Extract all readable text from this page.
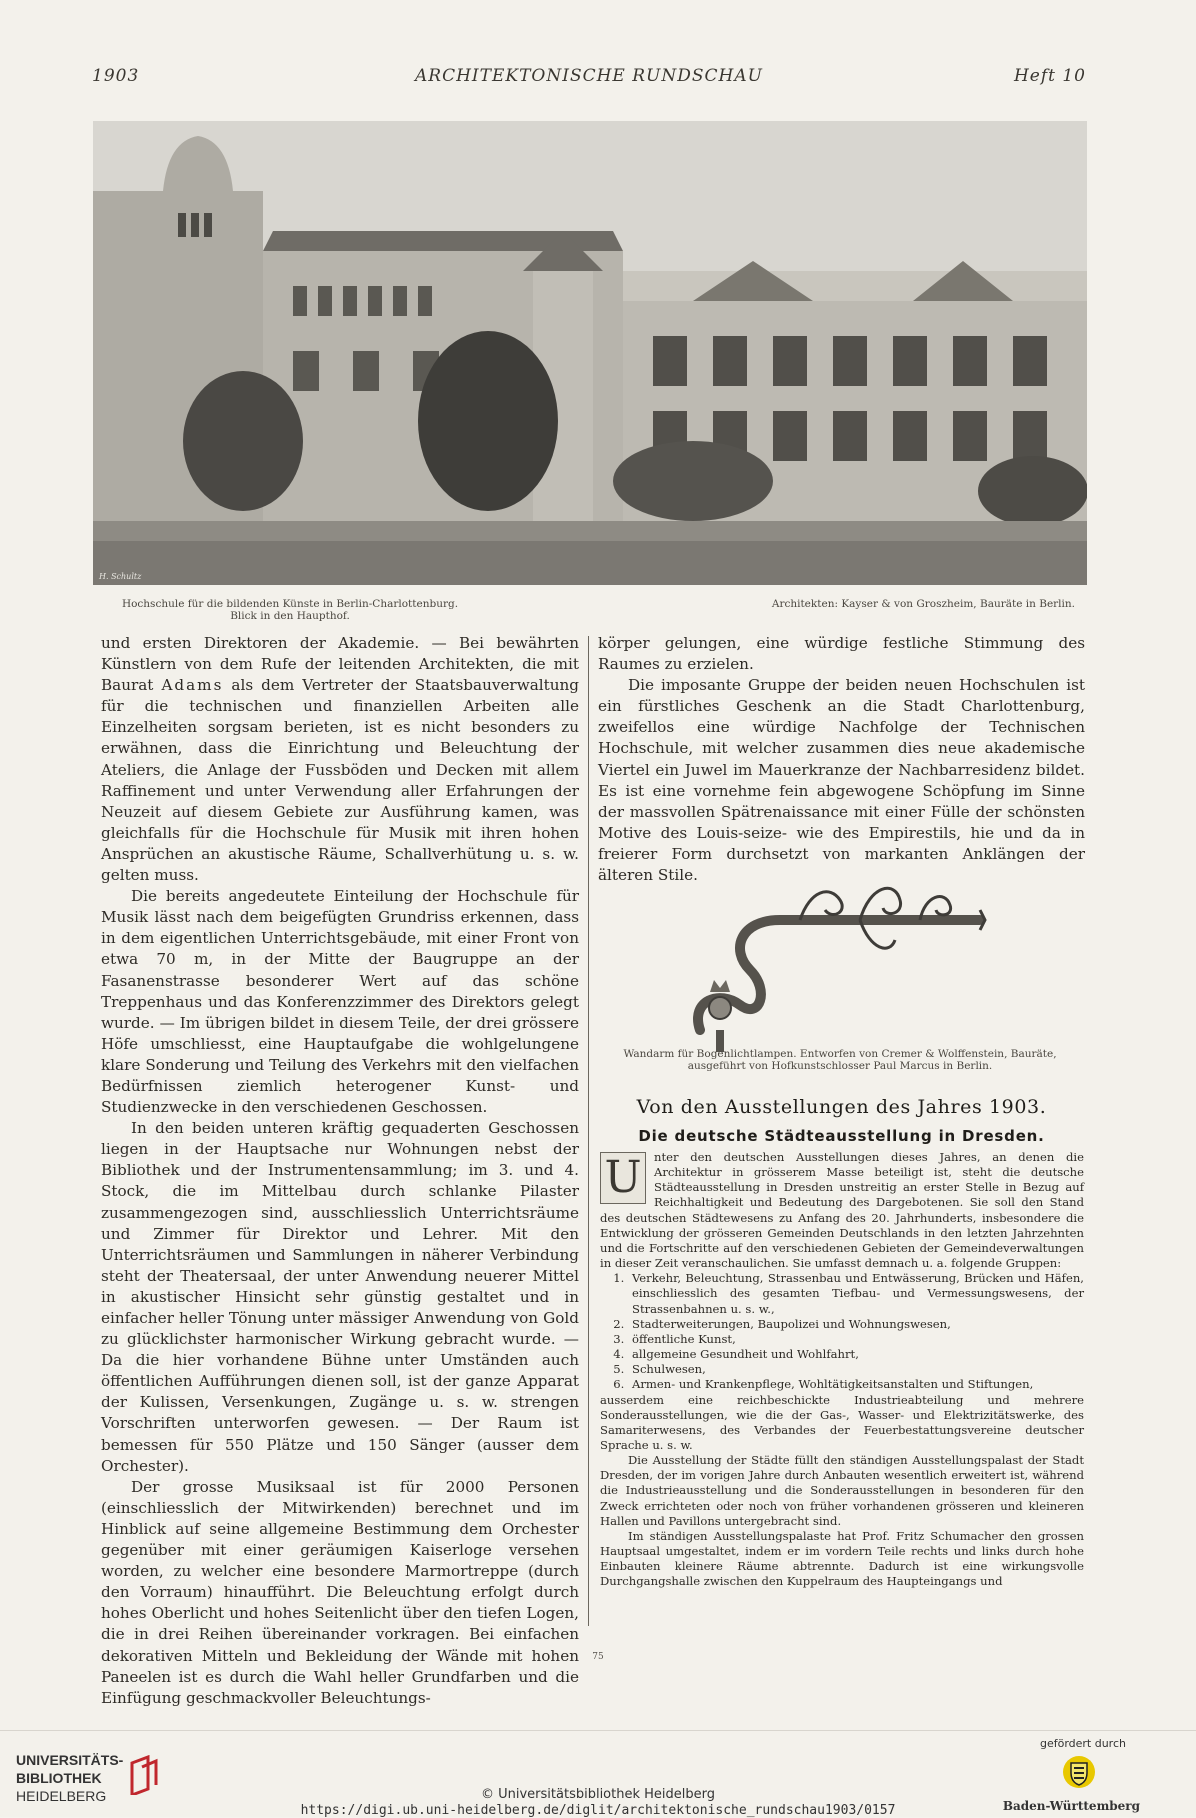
1903	ARCHITEKTONISCHE RUNDSCHAU	Heft 10
H. Schultz
Hochschule für die bildenden Künste in Berlin-Charlottenburg.
Blick in den Haupthof.
Architekten: Kayser & von Groszheim, Bauräte in Berlin.

und ersten Direktoren der Akademie. — Bei bewährten Künstlern von dem Rufe der leitenden Architekten, die mit Baurat Adams als dem Vertreter der Staatsbauverwaltung für die technischen und finanziellen Arbeiten alle Einzelheiten sorgsam berieten, ist es nicht besonders zu erwähnen, dass die Einrichtung und Beleuchtung der Ateliers, die Anlage der Fussböden und Decken mit allem Raffinement und unter Verwendung aller Erfahrungen der Neuzeit auf diesem Gebiete zur Ausführung kamen, was gleichfalls für die Hochschule für Musik mit ihren hohen Ansprüchen an akustische Räume, Schallverhütung u. s. w. gelten muss.

Die bereits angedeutete Einteilung der Hochschule für Musik lässt nach dem beigefügten Grundriss erkennen, dass in dem eigentlichen Unterrichtsgebäude, mit einer Front von etwa 70 m, in der Mitte der Baugruppe an der Fasanenstrasse besonderer Wert auf das schöne Treppenhaus und das Konferenzzimmer des Direktors gelegt wurde. — Im übrigen bildet in diesem Teile, der drei grössere Höfe umschliesst, eine Hauptaufgabe die wohlgelungene klare Sonderung und Teilung des Verkehrs mit den vielfachen Bedürfnissen ziemlich heterogener Kunst- und Studienzwecke in den verschiedenen Geschossen.

In den beiden unteren kräftig gequaderten Geschossen liegen in der Hauptsache nur Wohnungen nebst der Bibliothek und der Instrumentensammlung; im 3. und 4. Stock, die im Mittelbau durch schlanke Pilaster zusammengezogen sind, ausschliesslich Unterrichtsräume und Zimmer für Direktor und Lehrer. Mit den Unterrichtsräumen und Sammlungen in näherer Verbindung steht der Theatersaal, der unter Anwendung neuerer Mittel in akustischer Hinsicht sehr günstig gestaltet und in einfacher heller Tönung unter mässiger Anwendung von Gold zu glücklichster harmonischer Wirkung gebracht wurde. — Da die hier vorhandene Bühne unter Umständen auch öffentlichen Aufführungen dienen soll, ist der ganze Apparat der Kulissen, Versenkungen, Zugänge u. s. w. strengen Vorschriften unterworfen gewesen. — Der Raum ist bemessen für 550 Plätze und 150 Sänger (ausser dem Orchester).

Der grosse Musiksaal ist für 2000 Personen (einschliesslich der Mitwirkenden) berechnet und im Hinblick auf seine allgemeine Bestimmung dem Orchester gegenüber mit einer geräumigen Kaiserloge versehen worden, zu welcher eine besondere Marmortreppe (durch den Vorraum) hinaufführt. Die Beleuchtung erfolgt durch hohes Oberlicht und hohes Seitenlicht über den tiefen Logen, die in drei Reihen übereinander vorkragen. Bei einfachen dekorativen Mitteln und Bekleidung der Wände mit hohen Paneelen ist es durch die Wahl heller Grundfarben und die Einfügung geschmackvoller Beleuchtungs-

körper gelungen, eine würdige festliche Stimmung des Raumes zu erzielen.

Die imposante Gruppe der beiden neuen Hochschulen ist ein fürstliches Geschenk an die Stadt Charlottenburg, zweifellos eine würdige Nachfolge der Technischen Hochschule, mit welcher zusammen dies neue akademische Viertel ein Juwel im Mauerkranze der Nachbarresidenz bildet. Es ist eine vornehme fein abgewogene Schöpfung im Sinne der massvollen Spätrenaissance mit einer Fülle der schönsten Motive des Louis-seize- wie des Empirestils, hie und da in freierer Form durchsetzt von markanten Anklängen der älteren Stile.

Wandarm für Bogenlichtlampen. Entworfen von Cremer & Wolffenstein, Bauräte,
ausgeführt von Hofkunstschlosser Paul Marcus in Berlin.
Von den Ausstellungen des Jahres 1903.
Die deutsche Städteausstellung in Dresden.

U	nter den deutschen Ausstellungen dieses Jahres, an denen die Architektur in grösserem Masse beteiligt ist, steht die deutsche Städteausstellung in Dresden unstreitig an erster Stelle in Bezug auf Reichhaltigkeit und Bedeutung des Dargebotenen. Sie soll den Stand des deutschen Städtewesens zu Anfang des 20. Jahrhunderts, insbesondere die Entwicklung der grösseren Gemeinden Deutschlands in den letzten Jahrzehnten und die Fortschritte auf den verschiedenen Gebieten der Gemeindeverwaltungen in dieser Zeit veranschaulichen. Sie umfasst demnach u. a. folgende Gruppen:

1. Verkehr, Beleuchtung, Strassenbau und Entwässerung, Brücken und Häfen, einschliesslich des gesamten Tiefbau- und Vermessungswesens, der Strassenbahnen u. s. w.,
2. Stadterweiterungen, Baupolizei und Wohnungswesen,
3. öffentliche Kunst,
4. allgemeine Gesundheit und Wohlfahrt,
5. Schulwesen,
6. Armen- und Krankenpflege, Wohltätigkeitsanstalten und Stiftungen,

ausserdem eine reichbeschickte Industrieabteilung und mehrere Sonderausstellungen, wie die der Gas-, Wasser- und Elektrizitätswerke, des Samariterwesens, des Verbandes der Feuerbestattungsvereine deutscher Sprache u. s. w.

Die Ausstellung der Städte füllt den ständigen Ausstellungspalast der Stadt Dresden, der im vorigen Jahre durch Anbauten wesentlich erweitert ist, während die Industrieausstellung und die Sonderausstellungen in besonderen für den Zweck errichteten oder noch von früher vorhandenen grösseren und kleineren Hallen und Pavillons untergebracht sind.

Im ständigen Ausstellungspalaste hat Prof. Fritz Schumacher den grossen Hauptsaal umgestaltet, indem er im vordern Teile rechts und links durch hohe Einbauten kleinere Räume abtrennte. Dadurch ist eine wirkungsvolle Durchgangshalle zwischen den Kuppelraum des Haupteingangs und

75
UNIVERSITÄTS-
BIBLIOTHEK
HEIDELBERG	© Universitätsbibliothek Heidelberg
https://digi.ub.uni-heidelberg.de/diglit/architektonische_rundschau1903/0157
gefördert durch
Baden-Württemberg
